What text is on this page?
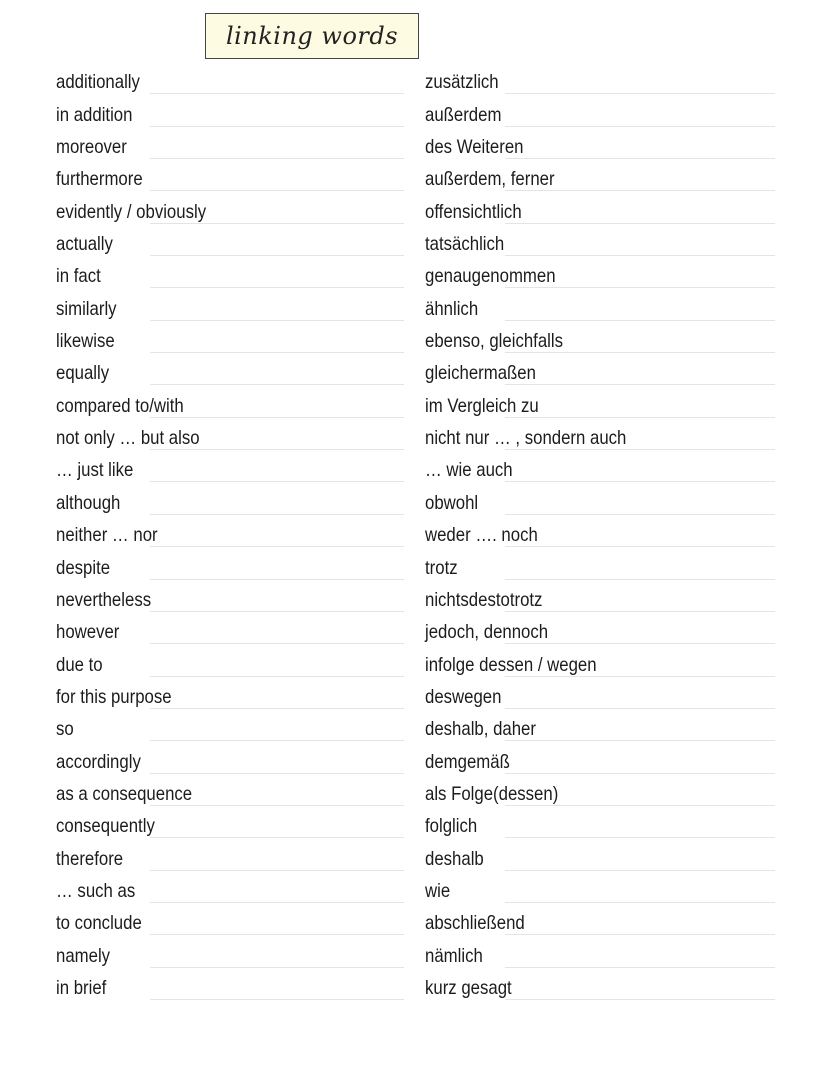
linking words
additionally	zusätzlich
in addition	außerdem
moreover	des Weiteren
furthermore	außerdem, ferner
evidently / obviously	offensichtlich
actually	tatsächlich
in fact	genaugenommen
similarly	ähnlich
likewise	ebenso, gleichfalls
equally	gleichermaßen
compared to/with	im Vergleich zu
not only … but also	nicht nur … , sondern auch
… just like	… wie auch
although	obwohl
neither … nor	weder …. noch
despite	trotz
nevertheless	nichtsdestotrotz
however	jedoch, dennoch
due to	infolge dessen / wegen
for this purpose	deswegen
so	deshalb, daher
accordingly	demgemäß
as a consequence	als Folge(dessen)
consequently	folglich
therefore	deshalb
… such as	wie
to conclude	abschließend
namely	nämlich
in brief	kurz gesagt
